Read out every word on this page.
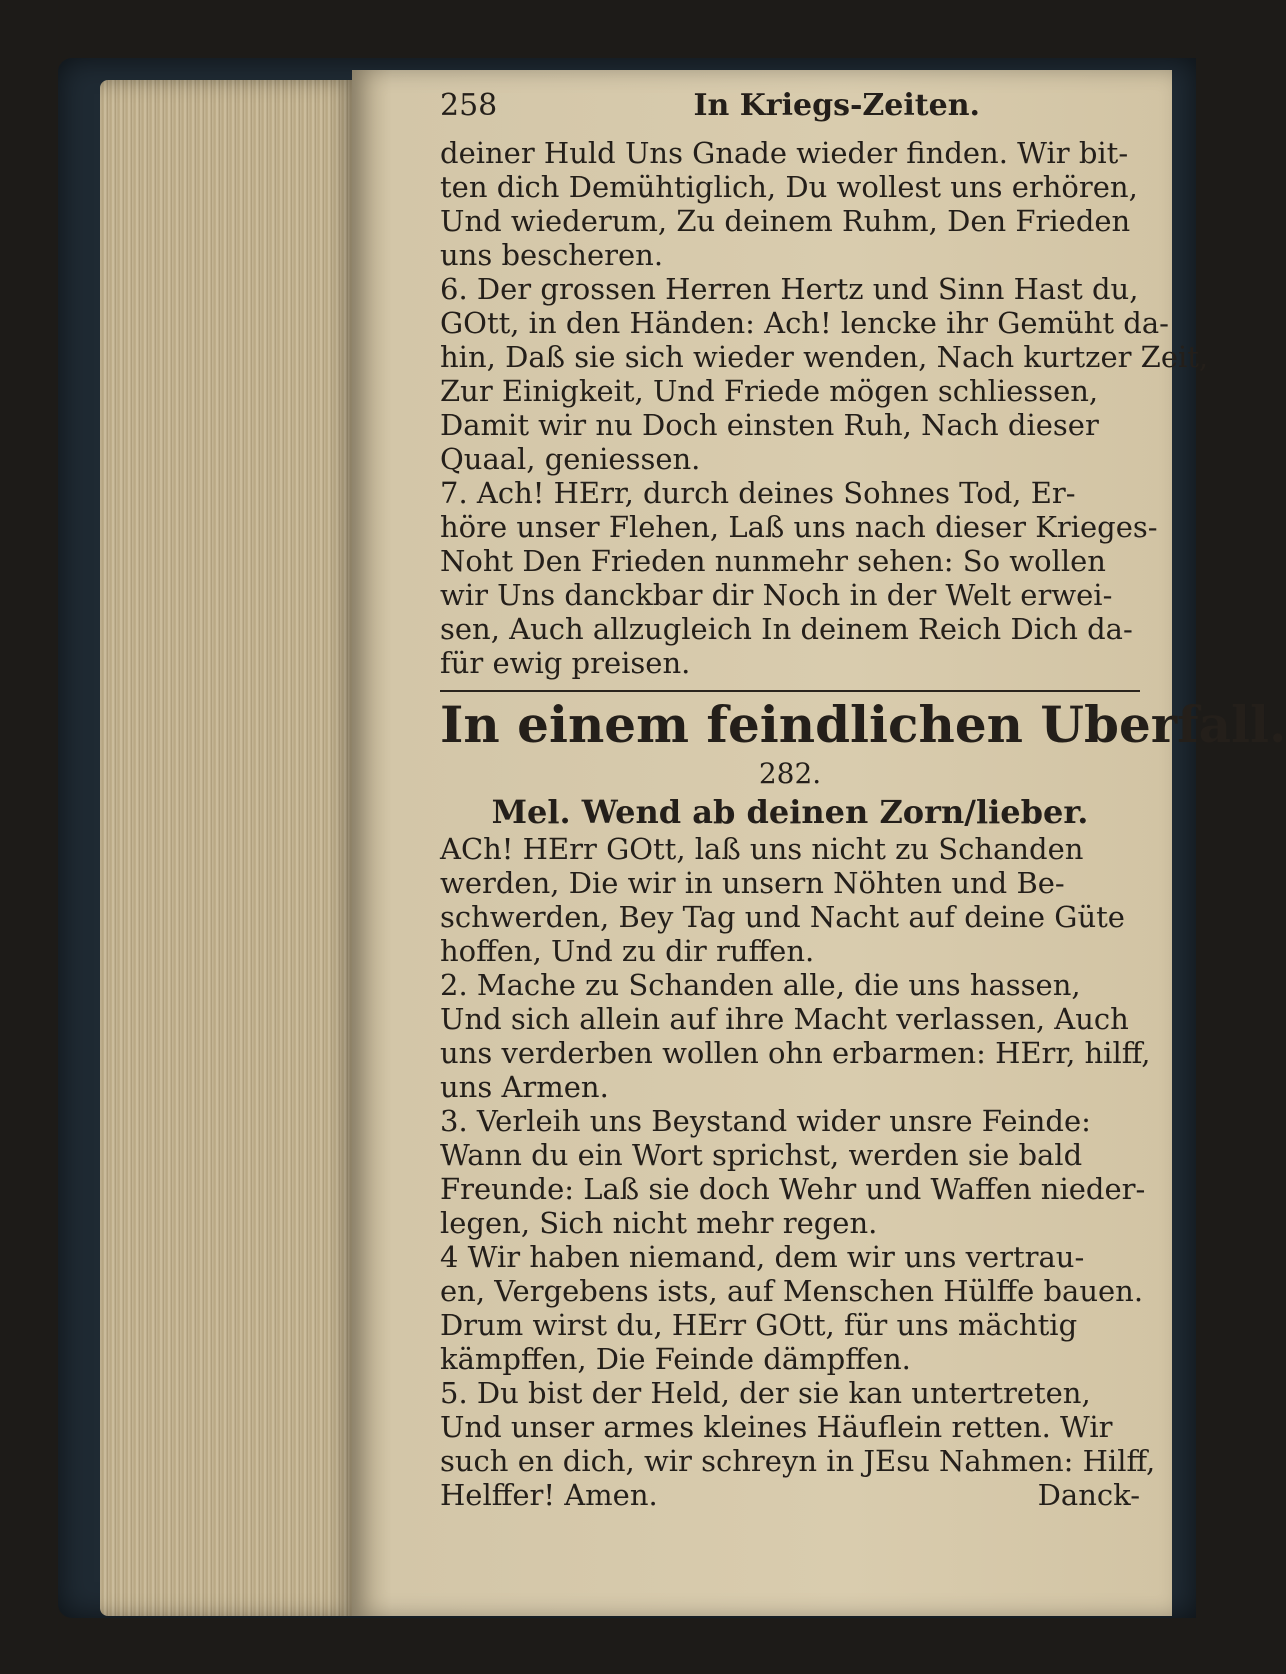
258	In Kriegs-Zeiten.
deiner Huld Uns Gnade wieder finden. Wir bit-
ten dich Demühtiglich, Du wollest uns erhören,
Und wiederum, Zu deinem Ruhm, Den Frieden
uns bescheren.
6. Der grossen Herren Hertz und Sinn Hast du,
GOtt, in den Händen: Ach! lencke ihr Gemüht da-
hin, Daß sie sich wieder wenden, Nach kurtzer Zeit,
Zur Einigkeit, Und Friede mögen schliessen,
Damit wir nu Doch einsten Ruh, Nach dieser
Quaal, geniessen.
7. Ach! HErr, durch deines Sohnes Tod, Er-
höre unser Flehen, Laß uns nach dieser Krieges-
Noht Den Frieden nunmehr sehen: So wollen
wir Uns danckbar dir Noch in der Welt erwei-
sen, Auch allzugleich In deinem Reich Dich da-
für ewig preisen.
In einem feindlichen Uberfall.
282.
Mel. Wend ab deinen Zorn/lieber.
ACh! HErr GOtt, laß uns nicht zu Schanden
werden, Die wir in unsern Nöhten und Be-
schwerden, Bey Tag und Nacht auf deine Güte
hoffen, Und zu dir ruffen.
2. Mache zu Schanden alle, die uns hassen,
Und sich allein auf ihre Macht verlassen, Auch
uns verderben wollen ohn erbarmen: HErr, hilff,
uns Armen.
3. Verleih uns Beystand wider unsre Feinde:
Wann du ein Wort sprichst, werden sie bald
Freunde: Laß sie doch Wehr und Waffen nieder-
legen, Sich nicht mehr regen.
4 Wir haben niemand, dem wir uns vertrau-
en, Vergebens ists, auf Menschen Hülffe bauen.
Drum wirst du, HErr GOtt, für uns mächtig
kämpffen, Die Feinde dämpffen.
5. Du bist der Held, der sie kan untertreten,
Und unser armes kleines Häuflein retten. Wir
such en dich, wir schreyn in JEsu Nahmen: Hilff,
Helffer! Amen.	Danck-
